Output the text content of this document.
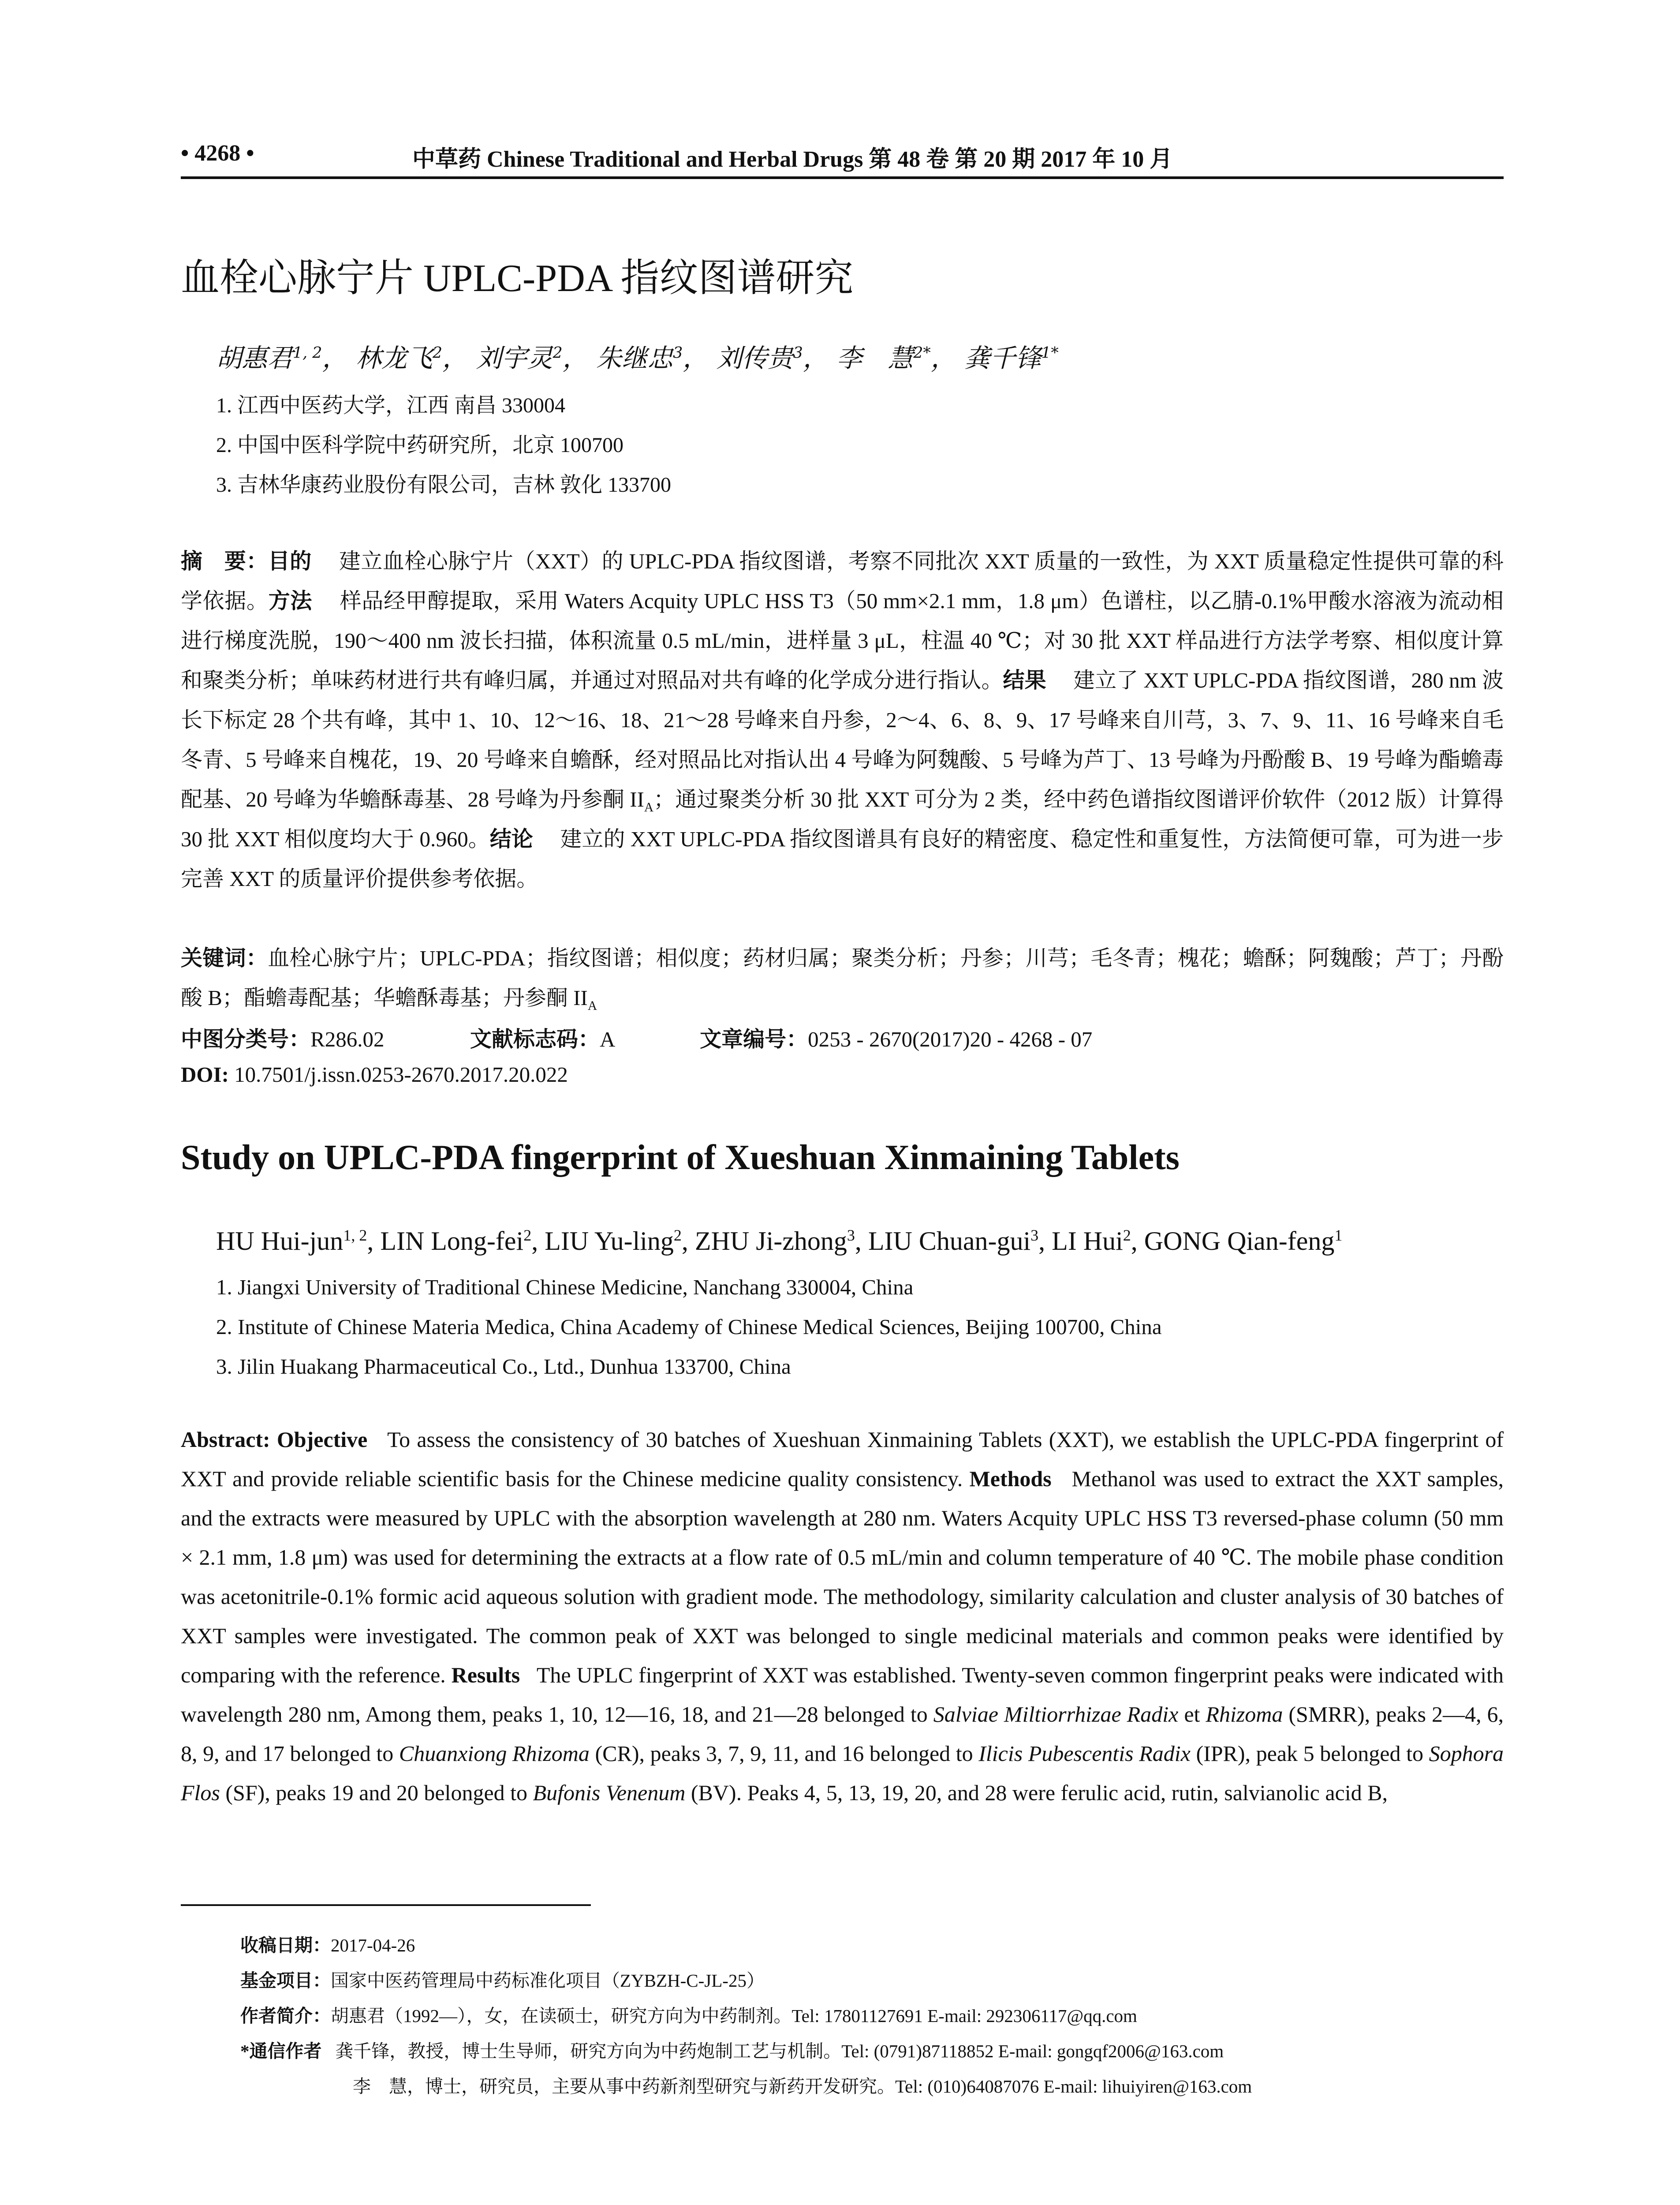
• 4268 •	中草药 Chinese Traditional and Herbal Drugs 第 48 卷 第 20 期 2017 年 10 月
血栓心脉宁片 UPLC-PDA 指纹图谱研究
胡惠君$^{1, 2}$， 林龙飞$^2$， 刘宇灵$^2$， 朱继忠$^3$， 刘传贵$^3$， 李　慧$^{2*}$， 龚千锋$^{1*}$
1. 江西中医药大学，江西 南昌 330004
2. 中国中医科学院中药研究所，北京 100700
3. 吉林华康药业股份有限公司，吉林 敦化 133700
摘　要：目的　 建立血栓心脉宁片（XXT）的 UPLC-PDA 指纹图谱，考察不同批次 XXT 质量的一致性，为 XXT 质量稳定性提供可靠的科学依据。方法　 样品经甲醇提取，采用 Waters Acquity UPLC HSS T3（50 mm×2.1 mm，1.8 μm）色谱柱，以乙腈-0.1%甲酸水溶液为流动相进行梯度洗脱，190～400 nm 波长扫描，体积流量 0.5 mL/min，进样量 3 μL，柱温 40 ℃；对 30 批 XXT 样品进行方法学考察、相似度计算和聚类分析；单味药材进行共有峰归属，并通过对照品对共有峰的化学成分进行指认。结果　 建立了 XXT UPLC-PDA 指纹图谱，280 nm 波长下标定 28 个共有峰，其中 1、10、12～16、18、21～28 号峰来自丹参，2～4、6、8、9、17 号峰来自川芎，3、7、9、11、16 号峰来自毛冬青、5 号峰来自槐花，19、20 号峰来自蟾酥，经对照品比对指认出 4 号峰为阿魏酸、5 号峰为芦丁、13 号峰为丹酚酸 B、19 号峰为酯蟾毒配基、20 号峰为华蟾酥毒基、28 号峰为丹参酮 $II_A$；通过聚类分析 30 批 XXT 可分为 2 类，经中药色谱指纹图谱评价软件（2012 版）计算得 30 批 XXT 相似度均大于 0.960。结论　 建立的 XXT UPLC-PDA 指纹图谱具有良好的精密度、稳定性和重复性，方法简便可靠，可为进一步完善 XXT 的质量评价提供参考依据。
关键词：血栓心脉宁片；UPLC-PDA；指纹图谱；相似度；药材归属；聚类分析；丹参；川芎；毛冬青；槐花；蟾酥；阿魏酸；芦丁；丹酚酸 B；酯蟾毒配基；华蟾酥毒基；丹参酮 $II_A$
中图分类号：R286.02	文献标志码：A	文章编号：0253 - 2670(2017)20 - 4268 - 07
DOI: 10.7501/j.issn.0253-2670.2017.20.022
Study on UPLC-PDA fingerprint of Xueshuan Xinmaining Tablets
HU Hui-jun$^{1, 2}$, LIN Long-fei$^2$, LIU Yu-ling$^2$, ZHU Ji-zhong$^3$, LIU Chuan-gui$^3$, LI Hui$^2$, GONG Qian-feng$^1$
1. Jiangxi University of Traditional Chinese Medicine, Nanchang 330004, China
2. Institute of Chinese Materia Medica, China Academy of Chinese Medical Sciences, Beijing 100700, China
3. Jilin Huakang Pharmaceutical Co., Ltd., Dunhua 133700, China
Abstract: Objective To assess the consistency of 30 batches of Xueshuan Xinmaining Tablets (XXT), we establish the UPLC-PDA fingerprint of XXT and provide reliable scientific basis for the Chinese medicine quality consistency. Methods Methanol was used to extract the XXT samples, and the extracts were measured by UPLC with the absorption wavelength at 280 nm. Waters Acquity UPLC HSS T3 reversed-phase column (50 mm × 2.1 mm, 1.8 μm) was used for determining the extracts at a flow rate of 0.5 mL/min and column temperature of 40 ℃. The mobile phase condition was acetonitrile-0.1% formic acid aqueous solution with gradient mode. The methodology, similarity calculation and cluster analysis of 30 batches of XXT samples were investigated. The common peak of XXT was belonged to single medicinal materials and common peaks were identified by comparing with the reference. Results The UPLC fingerprint of XXT was established. Twenty-seven common fingerprint peaks were indicated with wavelength 280 nm, Among them, peaks 1, 10, 12—16, 18, and 21—28 belonged to Salviae Miltiorrhizae Radix et Rhizoma (SMRR), peaks 2—4, 6, 8, 9, and 17 belonged to Chuanxiong Rhizoma (CR), peaks 3, 7, 9, 11, and 16 belonged to Ilicis Pubescentis Radix (IPR), peak 5 belonged to Sophora Flos (SF), peaks 19 and 20 belonged to Bufonis Venenum (BV). Peaks 4, 5, 13, 19, 20, and 28 were ferulic acid, rutin, salvianolic acid B,
收稿日期：2017-04-26
基金项目：国家中医药管理局中药标准化项目（ZYBZH-C-JL-25）
作者简介：胡惠君（1992—），女，在读硕士，研究方向为中药制剂。Tel: 17801127691 E-mail: 292306117@qq.com
*通信作者 龚千锋，教授，博士生导师，研究方向为中药炮制工艺与机制。Tel: (0791)87118852 E-mail: gongqf2006@163.com
李　慧，博士，研究员，主要从事中药新剂型研究与新药开发研究。Tel: (010)64087076 E-mail: lihuiyiren@163.com
